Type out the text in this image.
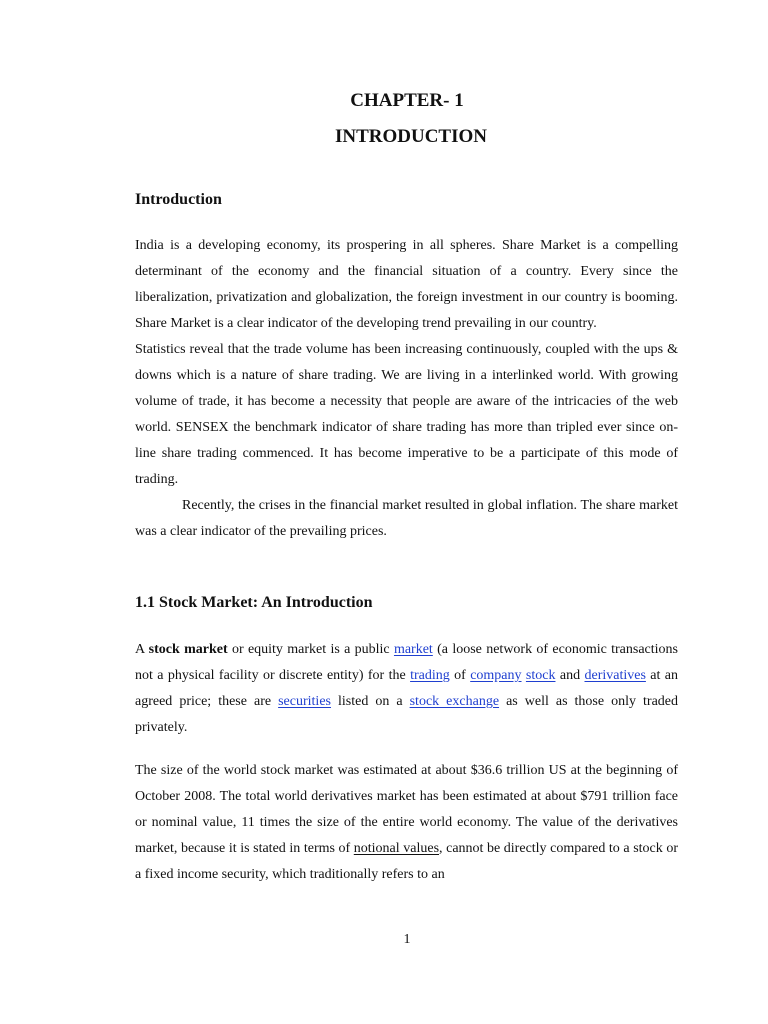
CHAPTER- 1
INTRODUCTION
Introduction

India is a developing economy, its prospering in all spheres. Share Market is a compelling determinant of the economy and the financial situation of a country. Every since the liberalization, privatization and globalization, the foreign investment in our country is booming. Share Market is a clear indicator of the developing trend prevailing in our country.

Statistics reveal that the trade volume has been increasing continuously, coupled with the ups & downs which is a nature of share trading. We are living in a interlinked world. With growing volume of trade, it has become a necessity that people are aware of the intricacies of the web world. SENSEX the benchmark indicator of share trading has more than tripled ever since on-line share trading commenced. It has become imperative to be a participate of this mode of trading.

Recently, the crises in the financial market resulted in global inflation. The share market was a clear indicator of the prevailing prices.

1.1 Stock Market: An Introduction

A stock market or equity market is a public market (a loose network of economic transactions not a physical facility or discrete entity) for the trading of company stock and derivatives at an agreed price; these are securities listed on a stock exchange as well as those only traded privately.

The size of the world stock market was estimated at about $36.6 trillion US at the beginning of October 2008. The total world derivatives market has been estimated at about $791 trillion face or nominal value, 11 times the size of the entire world economy. The value of the derivatives market, because it is stated in terms of notional values, cannot be directly compared to a stock or a fixed income security, which traditionally refers to an

1
